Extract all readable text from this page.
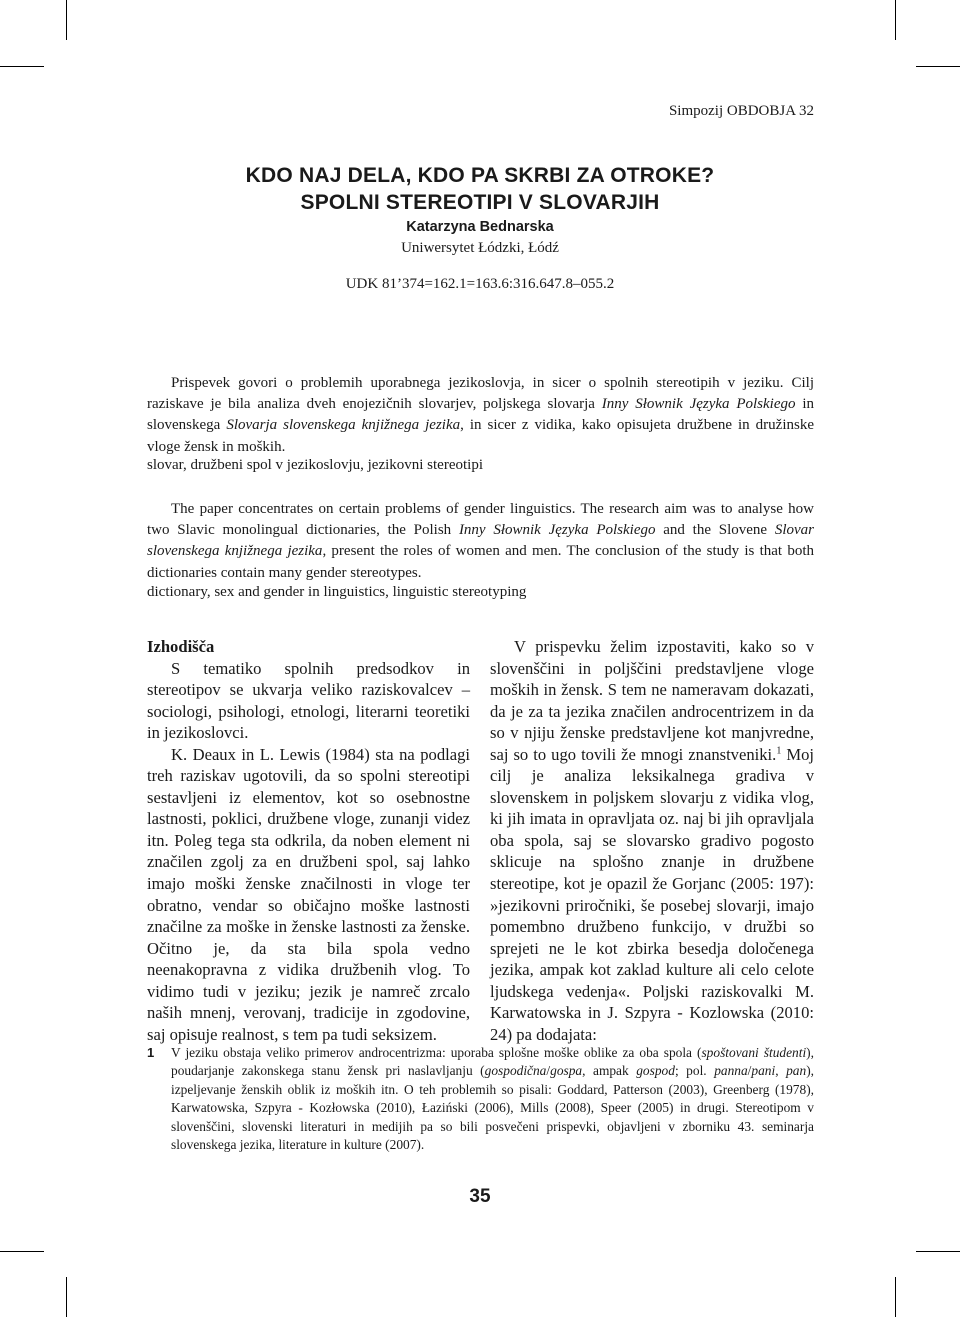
Simpozij OBDOBJA 32
KDO NAJ DELA, KDO PA SKRBI ZA OTROKE?
SPOLNI STEREOTIPI V SLOVARJIH
Katarzyna Bednarska
Uniwersytet Łódzki, Łódź
UDK 81’374=162.1=163.6:316.647.8–055.2

Prispevek govori o problemih uporabnega jezikoslovja, in sicer o spolnih stereotipih v jeziku. Cilj raziskave je bila analiza dveh enojezičnih slovarjev, poljskega slovarja Inny Słownik Języka Polskiego in slovenskega Slovarja slovenskega knjižnega jezika, in sicer z vidika, kako opisujeta družbene in družinske vloge žensk in moških.

slovar, družbeni spol v jezikoslovju, jezikovni stereotipi

The paper concentrates on certain problems of gender linguistics. The research aim was to analyse how two Slavic monolingual dictionaries, the Polish Inny Słownik Języka Polskiego and the Slovene Slovar slovenskega knjižnega jezika, present the roles of women and men. The conclusion of the study is that both dictionaries contain many gender stereotypes.

dictionary, sex and gender in linguistics, linguistic stereotyping

Izhodišča

S tematiko spolnih predsodkov in stereotipov se ukvarja veliko raziskovalcev – sociologi, psihologi, etnologi, literarni teoretiki in jezikoslovci.

K. Deaux in L. Lewis (1984) sta na podlagi treh raziskav ugotovili, da so spolni stereotipi sestavljeni iz elementov, kot so osebnostne lastnosti, poklici, družbene vloge, zunanji videz itn. Poleg tega sta odkrila, da noben element ni značilen zgolj za en družbeni spol, saj lahko imajo moški ženske značilnosti in vloge ter obratno, vendar so običajno moške lastnosti značilne za moške in ženske lastnosti za ženske. Očitno je, da sta bila spola vedno neenakopravna z vidika družbenih vlog. To vidimo tudi v jeziku; jezik je namreč zrcalo naših mnenj, verovanj, tradicije in zgodovine, saj opisuje realnost, s tem pa tudi seksizem.

V prispevku želim izpostaviti, kako so v slovenščini in poljščini predstavljene vloge moških in žensk. S tem ne nameravam dokazati, da je za ta jezika značilen androcentrizem in da so v njiju ženske predstavljene kot manjvredne, saj so to ugo tovili že mnogi znanstveniki.$^1$ Moj cilj je analiza leksikalnega gradiva v slovenskem in poljskem slovarju z vidika vlog, ki jih imata in opravljata oz. naj bi jih opravljala oba spola, saj se slovarsko gradivo pogosto sklicuje na splošno znanje in družbene stereotipe, kot je opazil že Gorjanc (2005: 197): »jezikovni priročniki, še posebej slovarji, imajo pomembno družbeno funkcijo, v družbi so sprejeti ne le kot zbirka besedja določenega jezika, ampak kot zaklad kulture ali celo celote ljudskega vedenja«. Poljski raziskovalki M. Karwatowska in J. Szpyra - Kozlowska (2010: 24) pa dodajata:

1 V jeziku obstaja veliko primerov androcentrizma: uporaba splošne moške oblike za oba spola (spoštovani študenti), poudarjanje zakonskega stanu žensk pri naslavljanju (gospodična/gospa, ampak gospod; pol. panna/pani, pan), izpeljevanje ženskih oblik iz moških itn. O teh problemih so pisali: Goddard, Patterson (2003), Greenberg (1978), Karwatowska, Szpyra - Kozłowska (2010), Łaziński (2006), Mills (2008), Speer (2005) in drugi. Stereotipom v slovenščini, slovenski literaturi in medijih pa so bili posvečeni prispevki, objavljeni v zborniku 43. seminarja slovenskega jezika, literature in kulture (2007).
35
